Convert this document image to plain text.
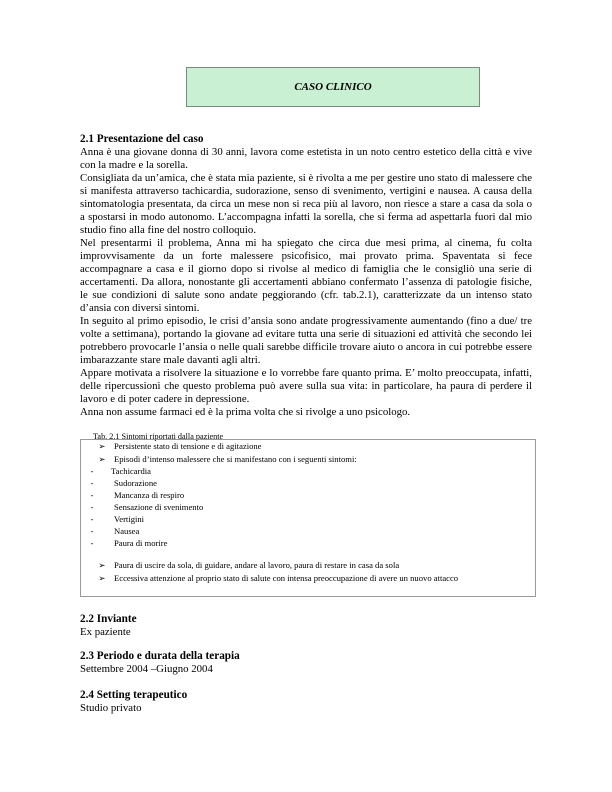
CASO CLINICO
2.1 Presentazione del caso

Anna è una giovane donna di 30 anni, lavora come estetista in un noto centro estetico della città e vive con la madre e la sorella.

Consigliata da un’amica, che è stata mia paziente, si è rivolta a me per gestire uno stato di malessere che si manifesta attraverso tachicardia, sudorazione, senso di svenimento, vertigini e nausea. A causa della sintomatologia presentata, da circa un mese non si reca più al lavoro, non riesce a stare a casa da sola o a spostarsi in modo autonomo. L’accompagna infatti la sorella, che si ferma ad aspettarla fuori dal mio studio fino alla fine del nostro colloquio.

Nel presentarmi il problema, Anna mi ha spiegato che circa due mesi prima, al cinema, fu colta improvvisamente da un forte malessere psicofisico, mai provato prima. Spaventata si fece accompagnare a casa e il giorno dopo si rivolse al medico di famiglia che le consigliò una serie di accertamenti. Da allora, nonostante gli accertamenti abbiano confermato l’assenza di patologie fisiche, le sue condizioni di salute sono andate peggiorando (cfr. tab.2.1), caratterizzate da un intenso stato d’ansia con diversi sintomi.

In seguito al primo episodio, le crisi d’ansia sono andate progressivamente aumentando (fino a due/ tre volte a settimana), portando la giovane ad evitare tutta una serie di situazioni ed attività che secondo lei potrebbero provocarle l’ansia o nelle quali sarebbe difficile trovare aiuto o ancora in cui potrebbe essere imbarazzante stare male davanti agli altri.

Appare motivata a risolvere la situazione e lo vorrebbe fare quanto prima. E’ molto preoccupata, infatti, delle ripercussioni che questo problema può avere sulla sua vita: in particolare, ha paura di perdere il lavoro e di poter cadere in depressione.

Anna non assume farmaci ed è la prima volta che si rivolge a uno psicologo.

Tab. 2.1 Sintomi riportati dalla paziente
➢ Persistente stato di tensione e di agitazione
➢ Episodi d’intenso malessere che si manifestano con i seguenti sintomi:
-	Tachicardia
-	Sudorazione
-	Mancanza di respiro
-	Sensazione di svenimento
-	Vertigini
-	Nausea
-	Paura di morire
➢ Paura di uscire da sola, di guidare, andare al lavoro, paura di restare in casa da sola
➢ Eccessiva attenzione al proprio stato di salute con intensa preoccupazione di avere un nuovo attacco
2.2 Inviante
Ex paziente
2.3 Periodo e durata della terapia
Settembre 2004 –Giugno 2004
2.4 Setting terapeutico
Studio privato
